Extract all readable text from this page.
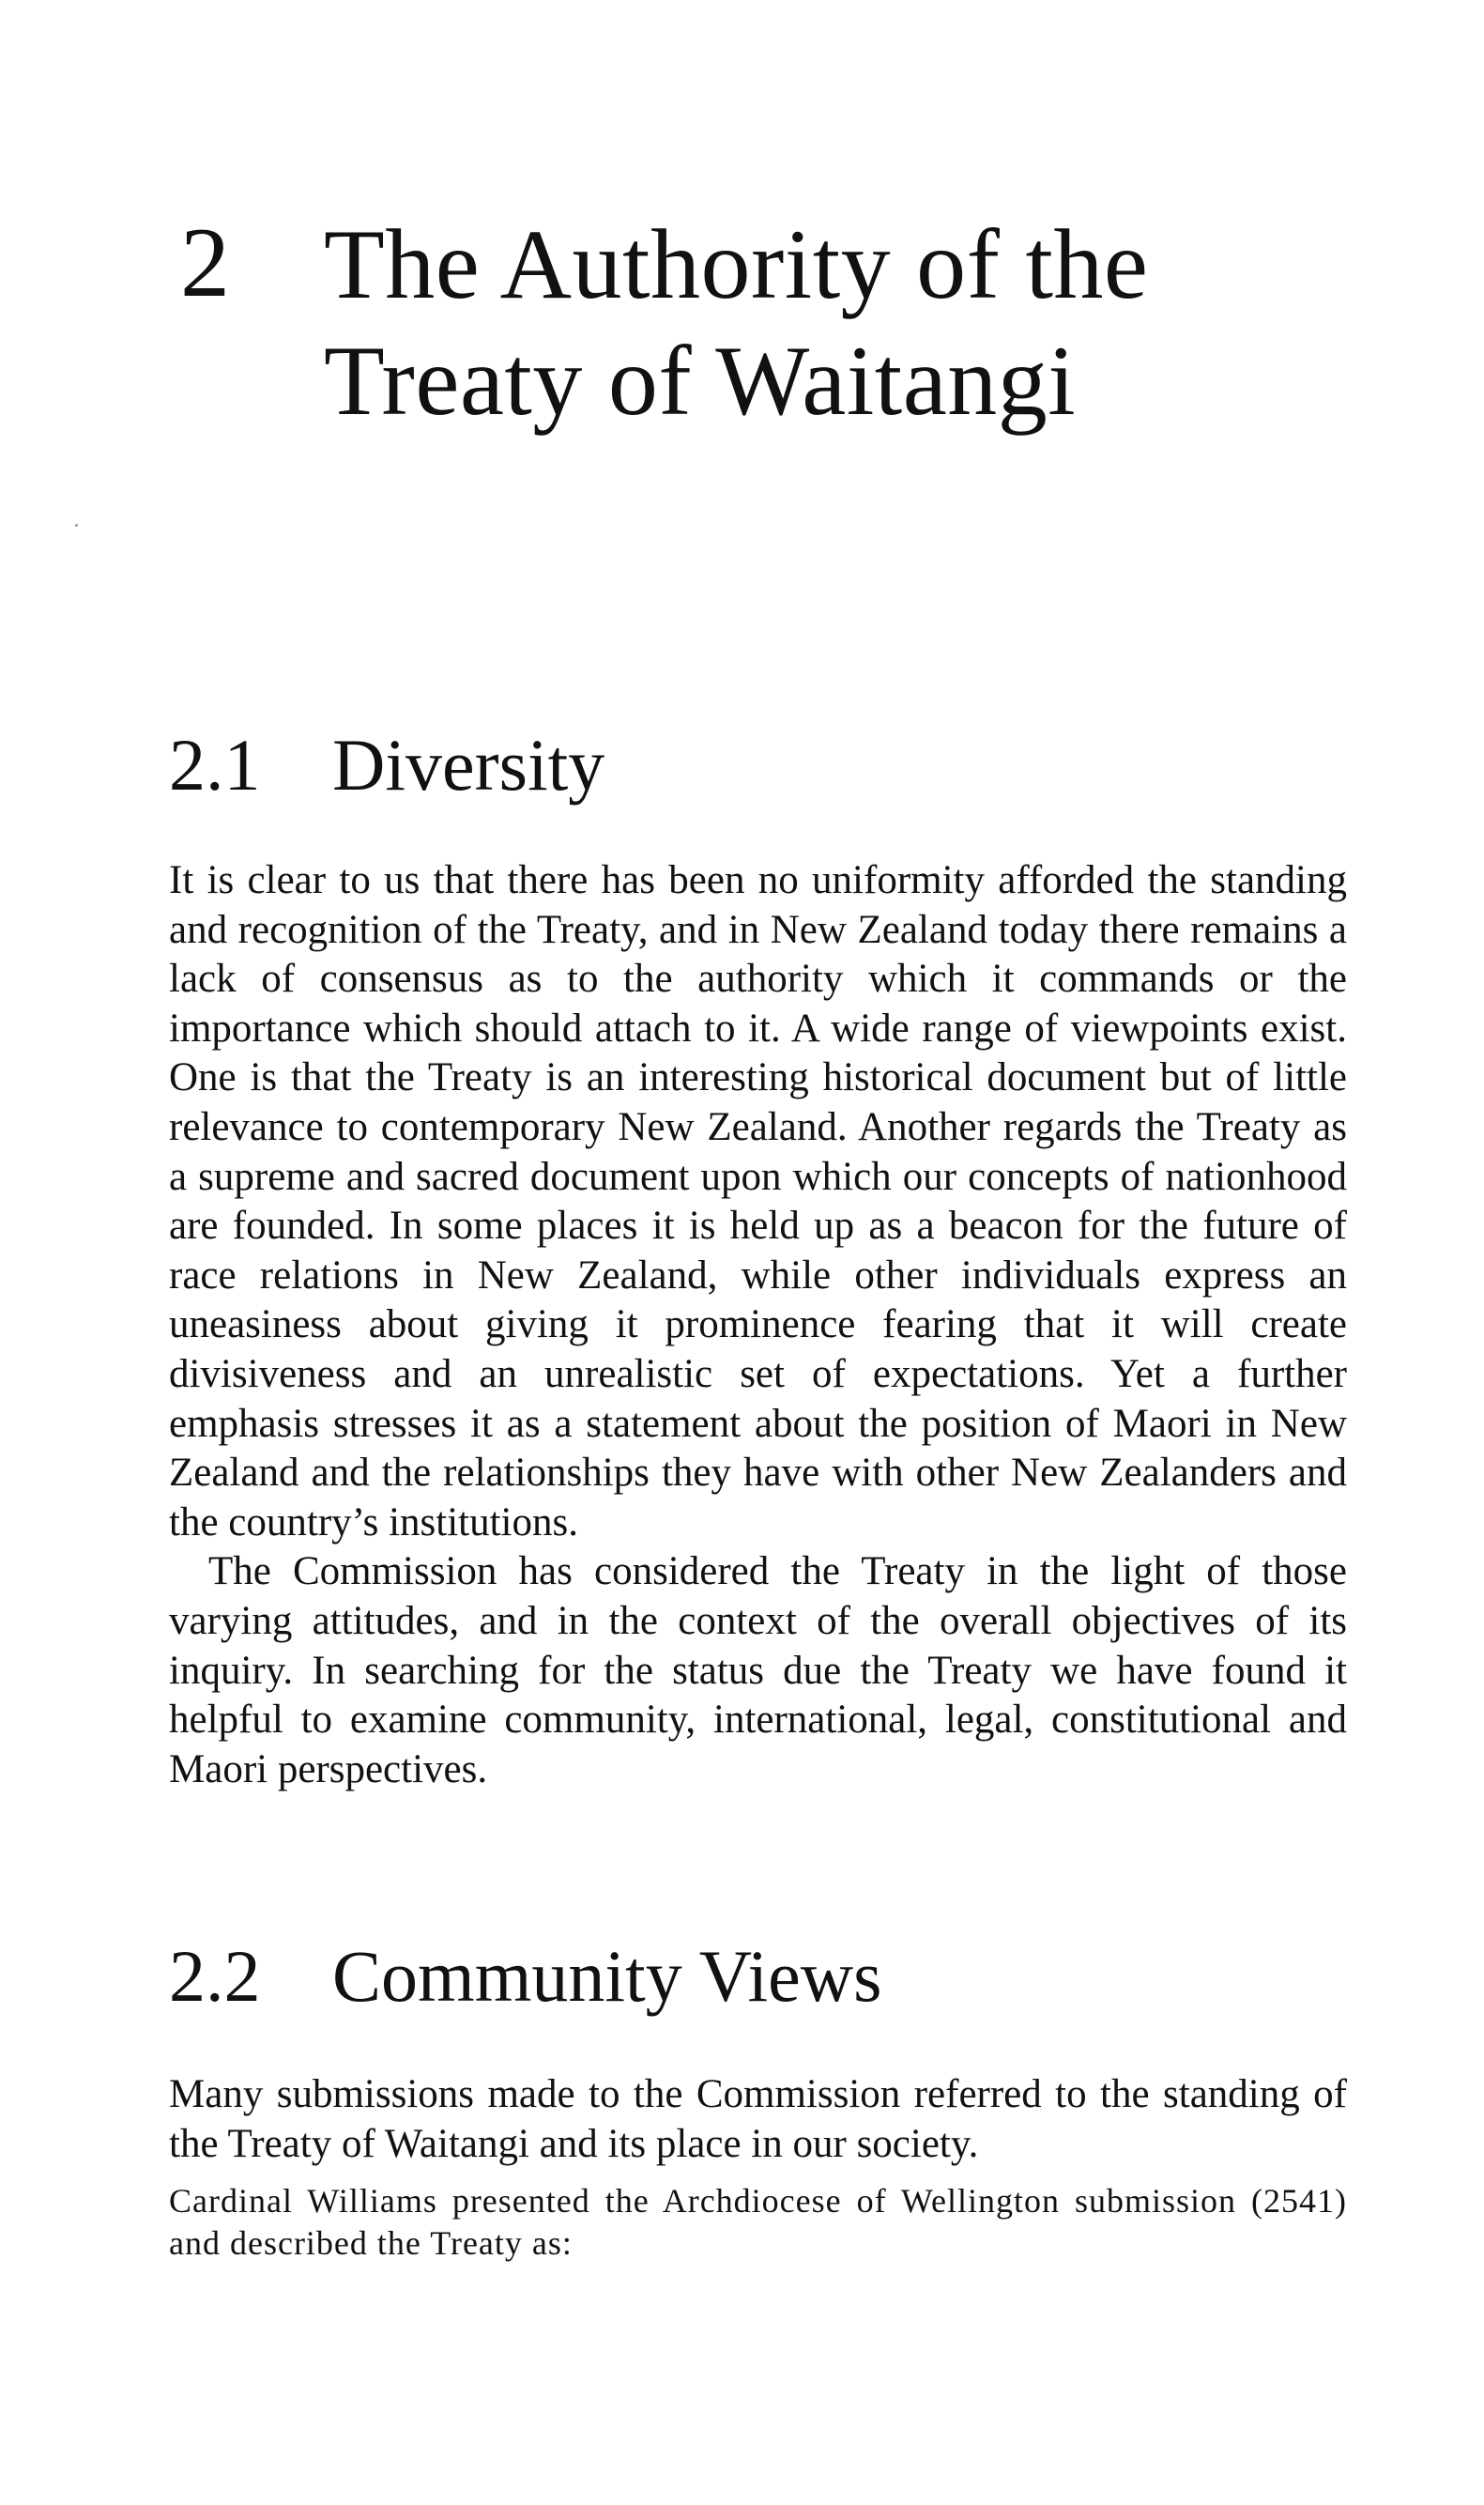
2 The Authority of the
Treaty of Waitangi
2.1 Diversity

It is clear to us that there has been no uniformity afforded the standing and recognition of the Treaty, and in New Zealand today there remains a lack of consensus as to the authority which it commands or the importance which should attach to it. A wide range of viewpoints exist. One is that the Treaty is an interesting historical document but of little relevance to contemporary New Zealand. Another regards the Treaty as a supreme and sacred document upon which our concepts of nationhood are founded. In some places it is held up as a beacon for the future of race relations in New Zealand, while other individuals express an uneasiness about giving it prominence fearing that it will create divisiveness and an unrealistic set of expectations. Yet a further emphasis stresses it as a statement about the position of Maori in New Zealand and the relationships they have with other New Zealanders and the country’s institutions.

The Commission has considered the Treaty in the light of those varying attitudes, and in the context of the overall objectives of its inquiry. In searching for the status due the Treaty we have found it helpful to examine community, international, legal, constitutional and Maori perspectives.

2.2 Community Views

Many submissions made to the Commission referred to the standing of the Treaty of Waitangi and its place in our society.

Cardinal Williams presented the Archdiocese of Wellington submission (2541) and described the Treaty as:
